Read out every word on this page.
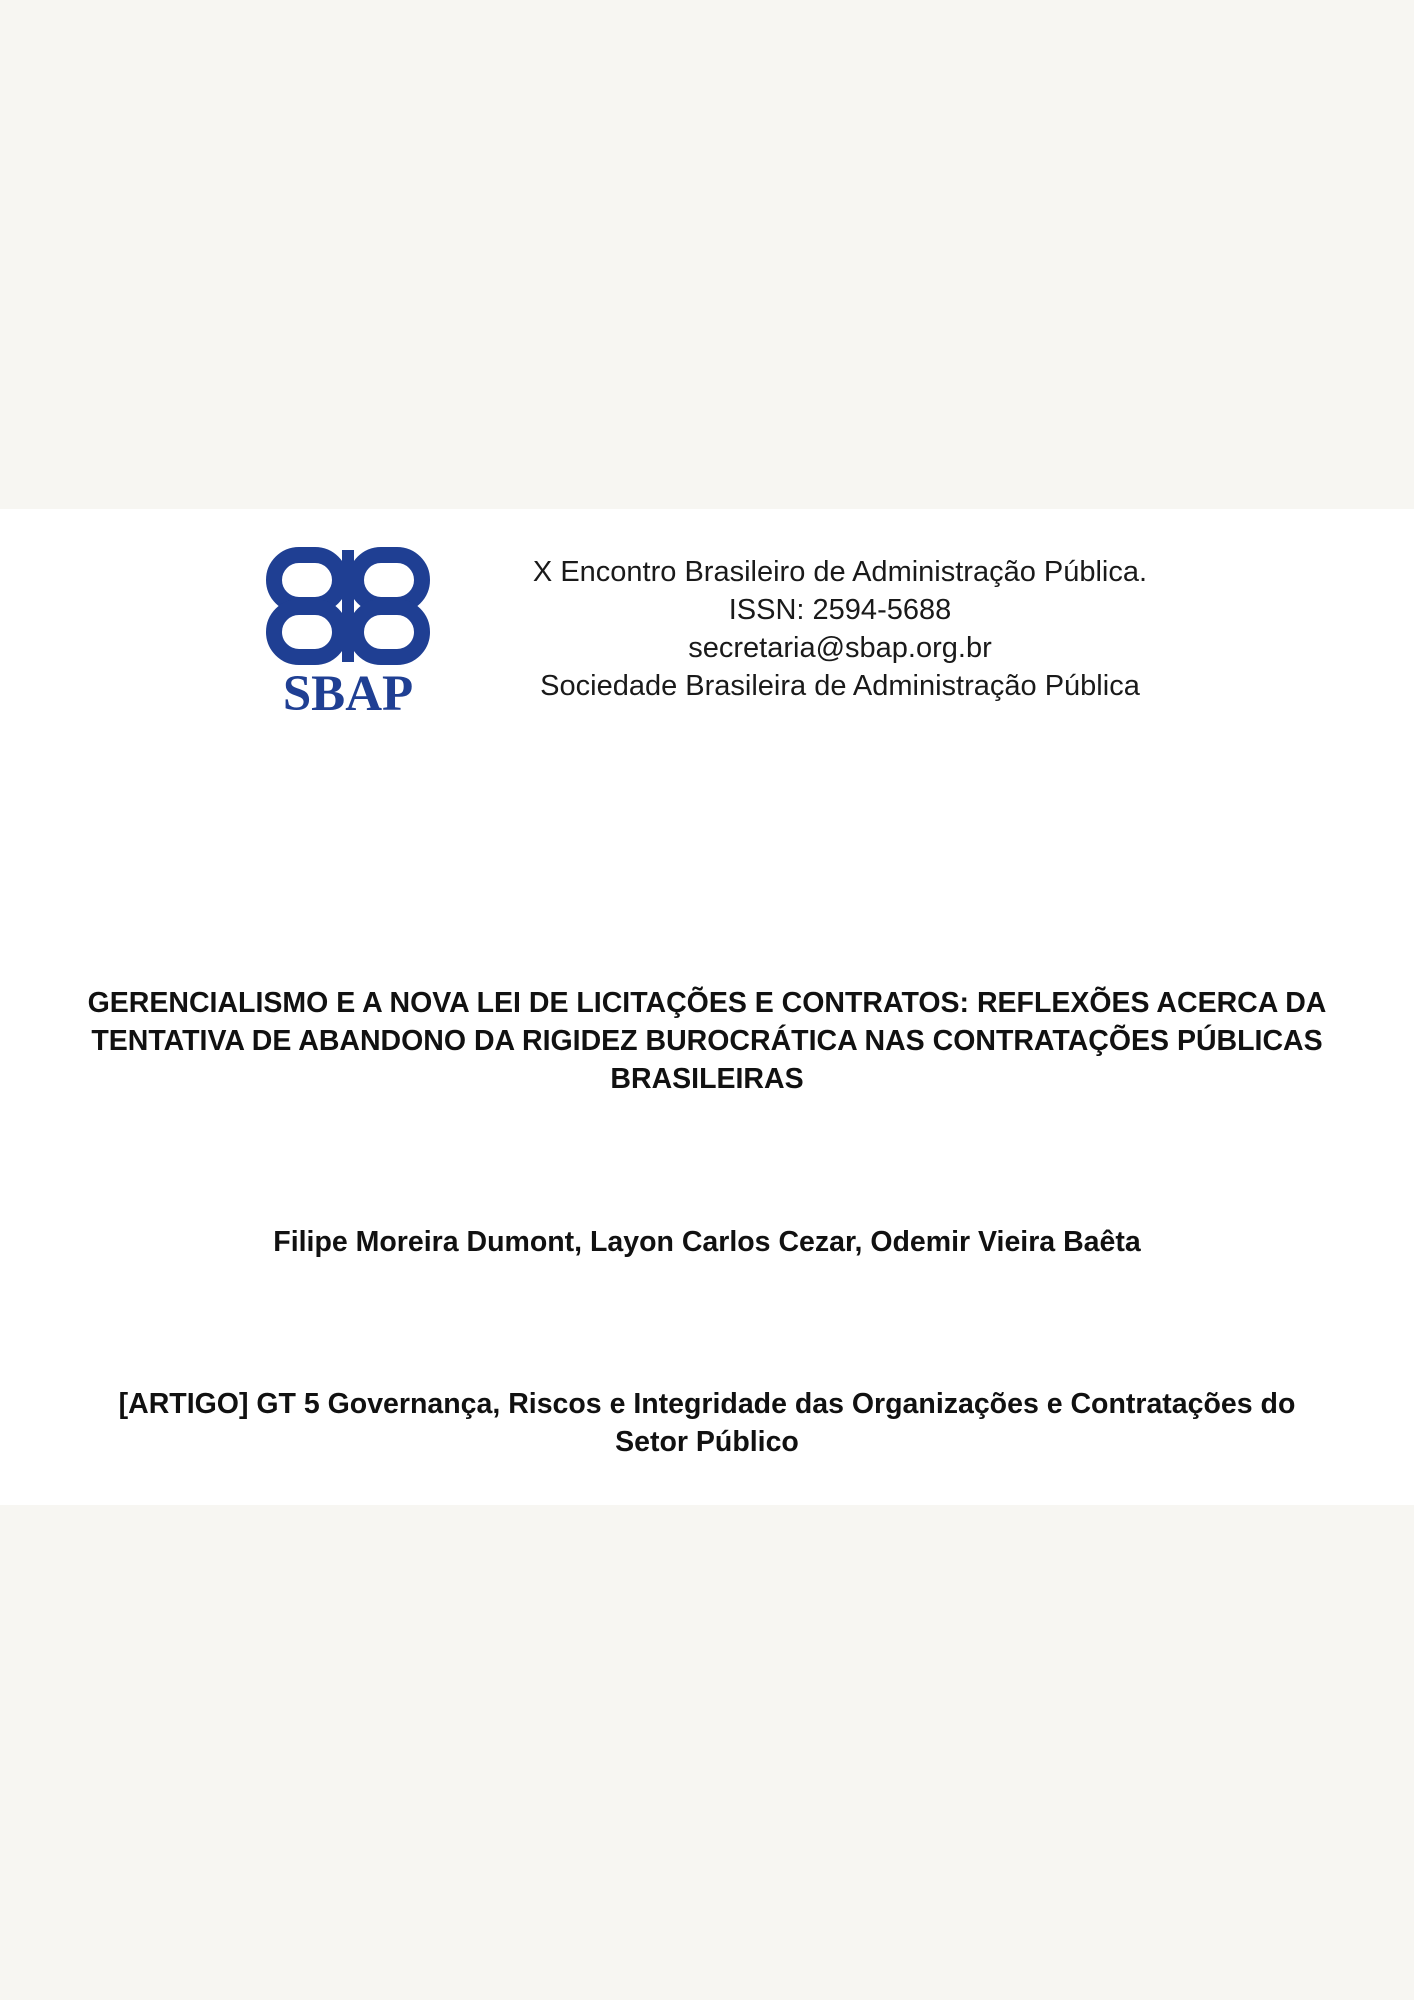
SBAP
X Encontro Brasileiro de Administração Pública.
ISSN: 2594-5688
secretaria@sbap.org.br
Sociedade Brasileira de Administração Pública
GERENCIALISMO E A NOVA LEI DE LICITAÇÕES E CONTRATOS: REFLEXÕES ACERCA DA
TENTATIVA DE ABANDONO DA RIGIDEZ BUROCRÁTICA NAS CONTRATAÇÕES PÚBLICAS
BRASILEIRAS
Filipe Moreira Dumont, Layon Carlos Cezar, Odemir Vieira Baêta
[ARTIGO] GT 5 Governança, Riscos e Integridade das Organizações e Contratações do
Setor Público
